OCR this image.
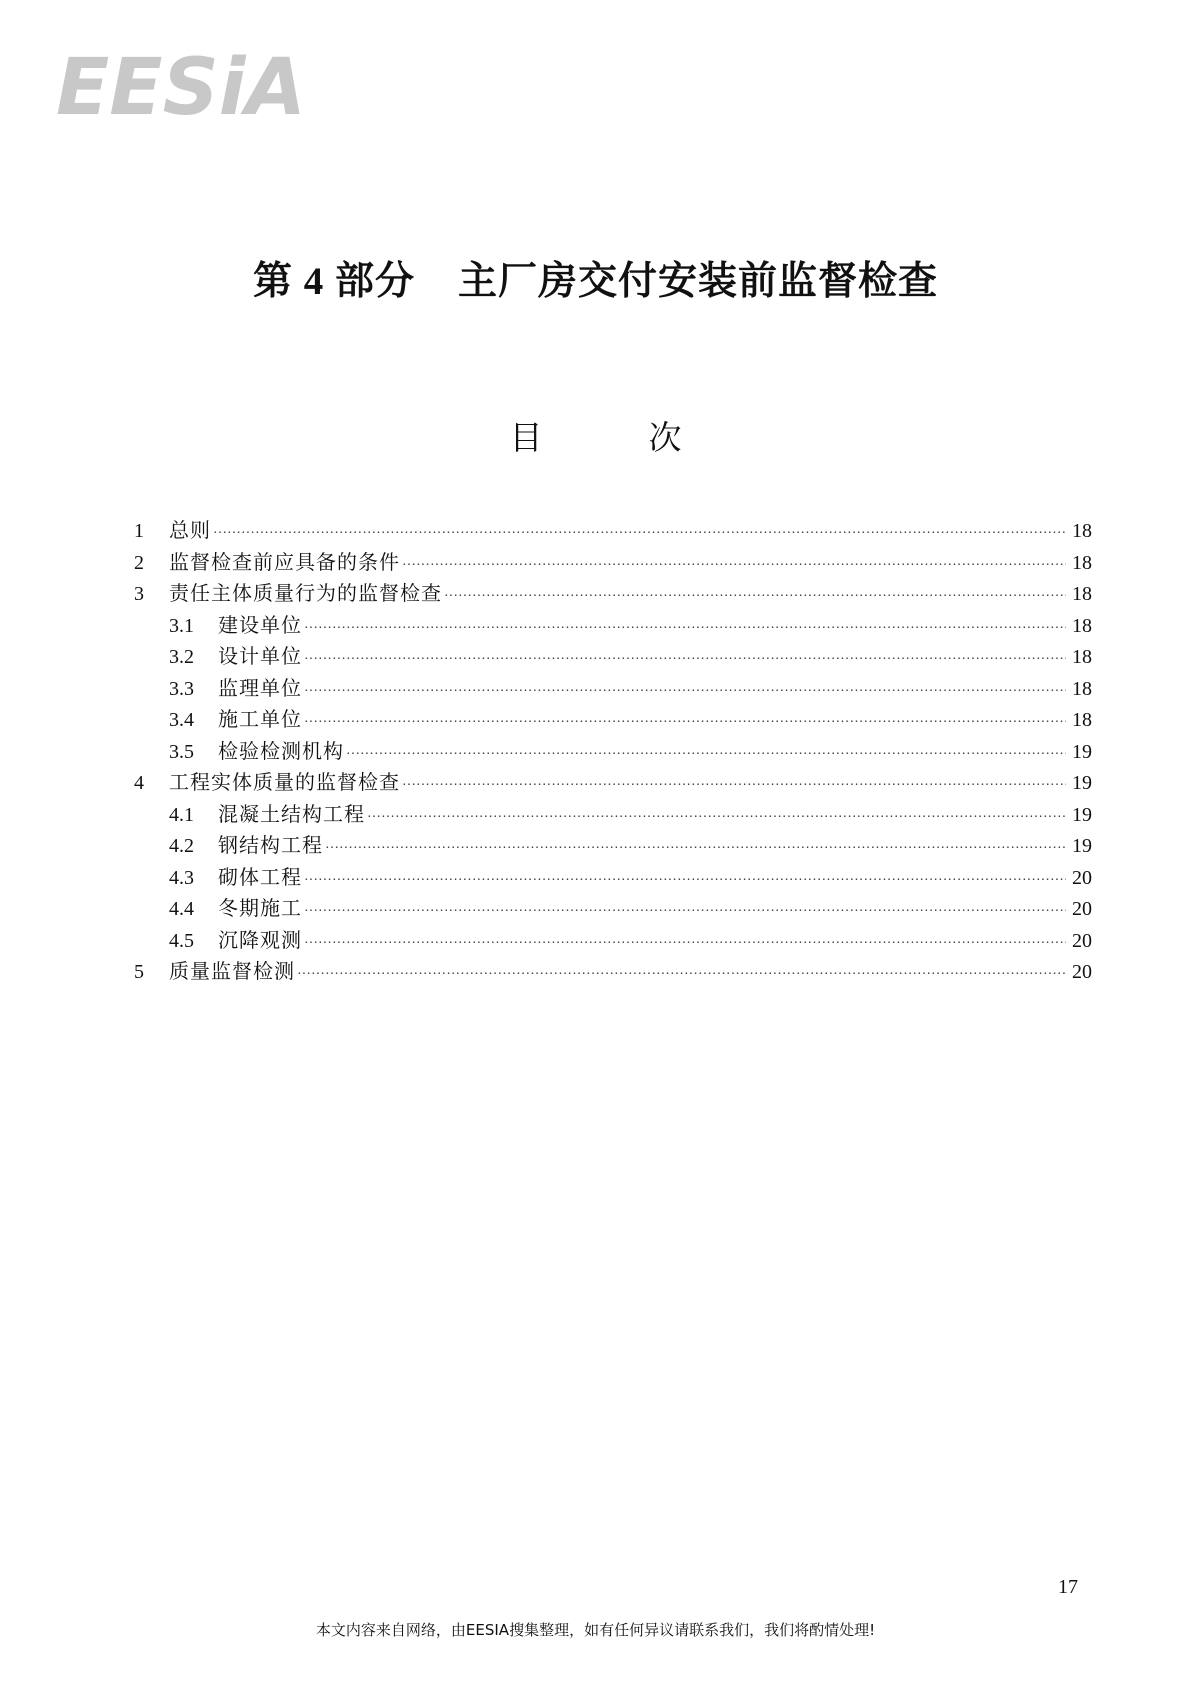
EESiA
第 4 部分    主厂房交付安装前监督检查
目	次
1	总则 ·····	18
2	监督检查前应具备的条件 ·····	18
3	责任主体质量行为的监督检查 ·····	18
3.1	建设单位 ·····	18
3.2	设计单位 ·····	18
3.3	监理单位 ·····	18
3.4	施工单位 ·····	18
3.5	检验检测机构 ·····	19
4	工程实体质量的监督检查 ·····	19
4.1	混凝土结构工程 ·····	19
4.2	钢结构工程 ·····	19
4.3	砌体工程 ·····	20
4.4	冬期施工 ·····	20
4.5	沉降观测 ·····	20
5	质量监督检测 ·····	20
17
本文内容来自网络，由EESIA搜集整理，如有任何异议请联系我们，我们将酌情处理!
